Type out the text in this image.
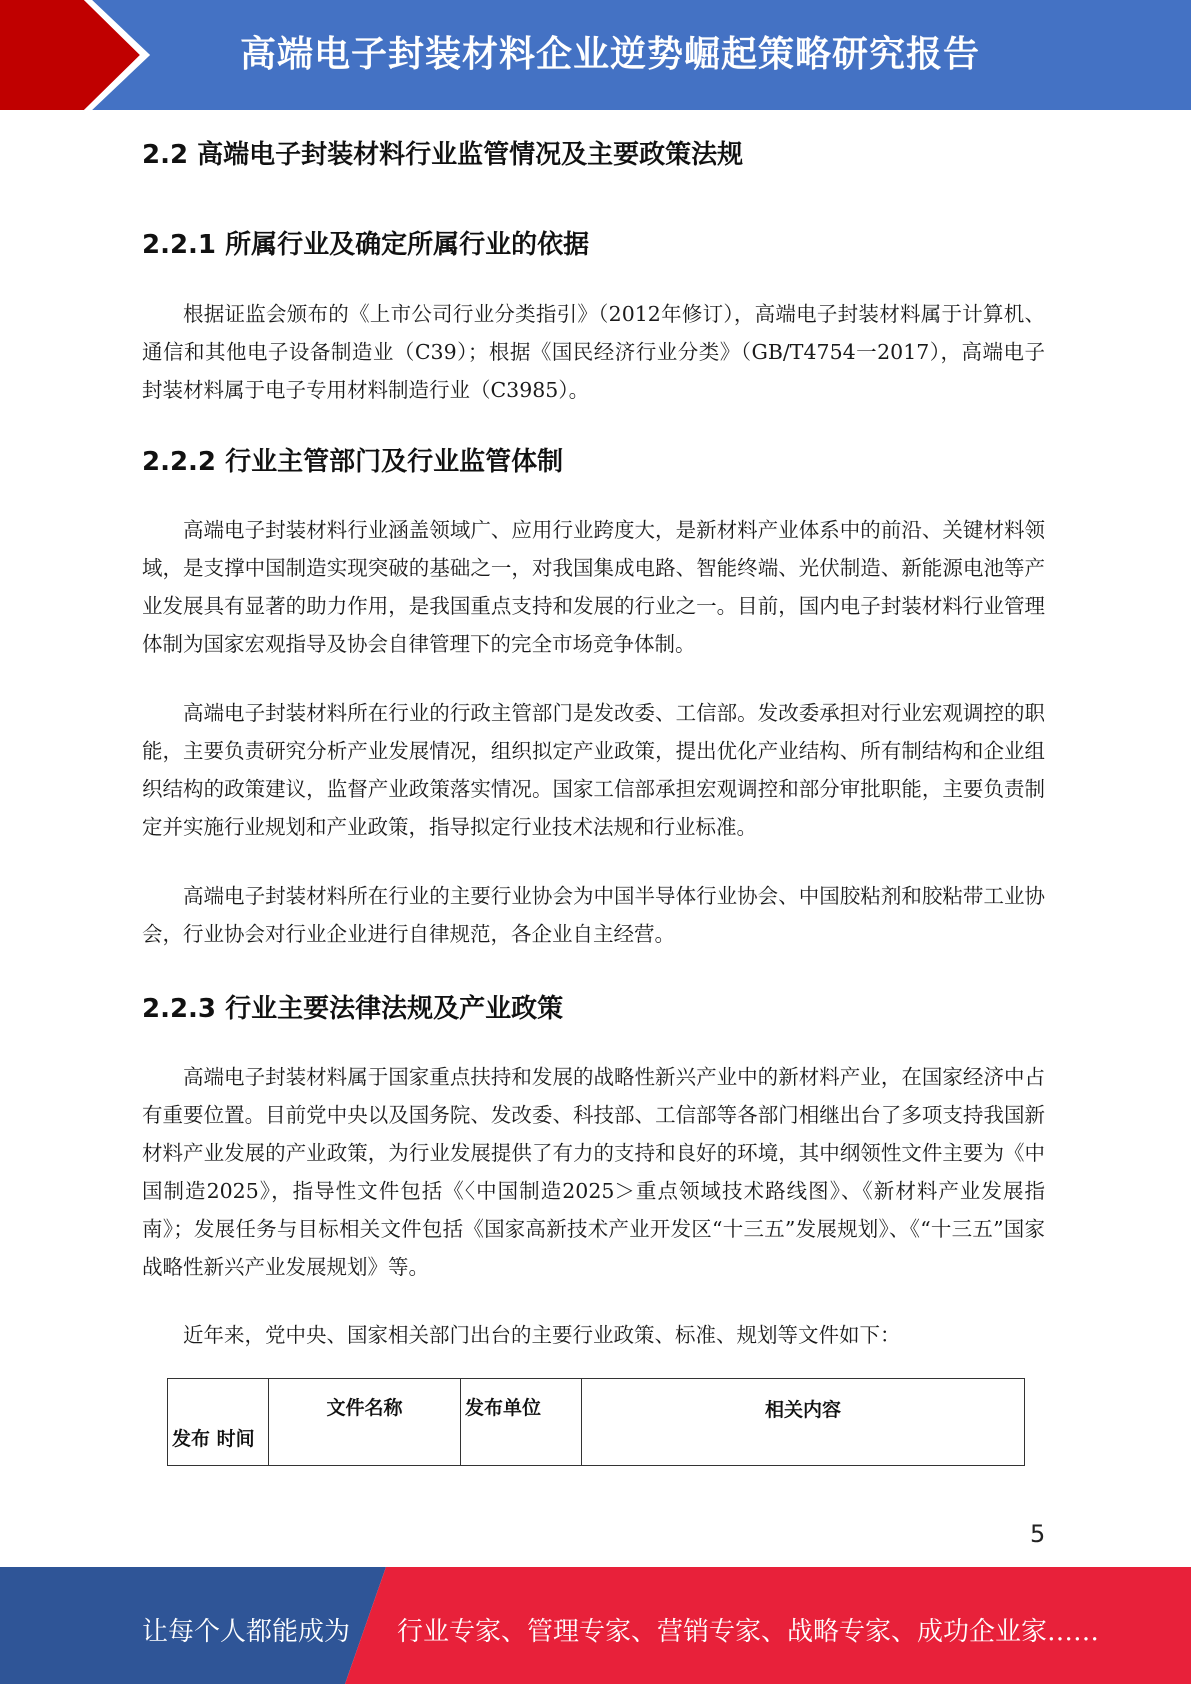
高端电子封装材料企业逆势崛起策略研究报告
2.2 高端电子封装材料行业监管情况及主要政策法规
2.2.1 所属行业及确定所属行业的依据

根据证监会颁布的《上市公司行业分类指引》（2012年修订），高端电子封装材料属于计算机、通信和其他电子设备制造业（C39）；根据《国民经济行业分类》（GB/T4754一2017），高端电子封装材料属于电子专用材料制造行业（C3985）。

2.2.2 行业主管部门及行业监管体制

高端电子封装材料行业涵盖领域广、应用行业跨度大，是新材料产业体系中的前沿、关键材料领域，是支撑中国制造实现突破的基础之一，对我国集成电路、智能终端、光伏制造、新能源电池等产业发展具有显著的助力作用，是我国重点支持和发展的行业之一。目前，国内电子封装材料行业管理体制为国家宏观指导及协会自律管理下的完全市场竞争体制。

高端电子封装材料所在行业的行政主管部门是发改委、工信部。发改委承担对行业宏观调控的职能，主要负责研究分析产业发展情况，组织拟定产业政策，提出优化产业结构、所有制结构和企业组织结构的政策建议，监督产业政策落实情况。国家工信部承担宏观调控和部分审批职能，主要负责制定并实施行业规划和产业政策，指导拟定行业技术法规和行业标准。

高端电子封装材料所在行业的主要行业协会为中国半导体行业协会、中国胶粘剂和胶粘带工业协会，行业协会对行业企业进行自律规范，各企业自主经营。

2.2.3 行业主要法律法规及产业政策

高端电子封装材料属于国家重点扶持和发展的战略性新兴产业中的新材料产业，在国家经济中占有重要位置。目前党中央以及国务院、发改委、科技部、工信部等各部门相继出台了多项支持我国新材料产业发展的产业政策，为行业发展提供了有力的支持和良好的环境，其中纲领性文件主要为《中国制造2025》，指导性文件包括《〈中国制造2025＞重点领域技术路线图》、《新材料产业发展指南》；发展任务与目标相关文件包括《国家高新技术产业开发区“十三五”发展规划》、《“十三五”国家战略性新兴产业发展规划》等。

近年来，党中央、国家相关部门出台的主要行业政策、标准、规划等文件如下：

发布 时间	文件名称	发布单位	相关内容
5
让每个人都能成为 行业专家、管理专家、营销专家、战略专家、成功企业家……
